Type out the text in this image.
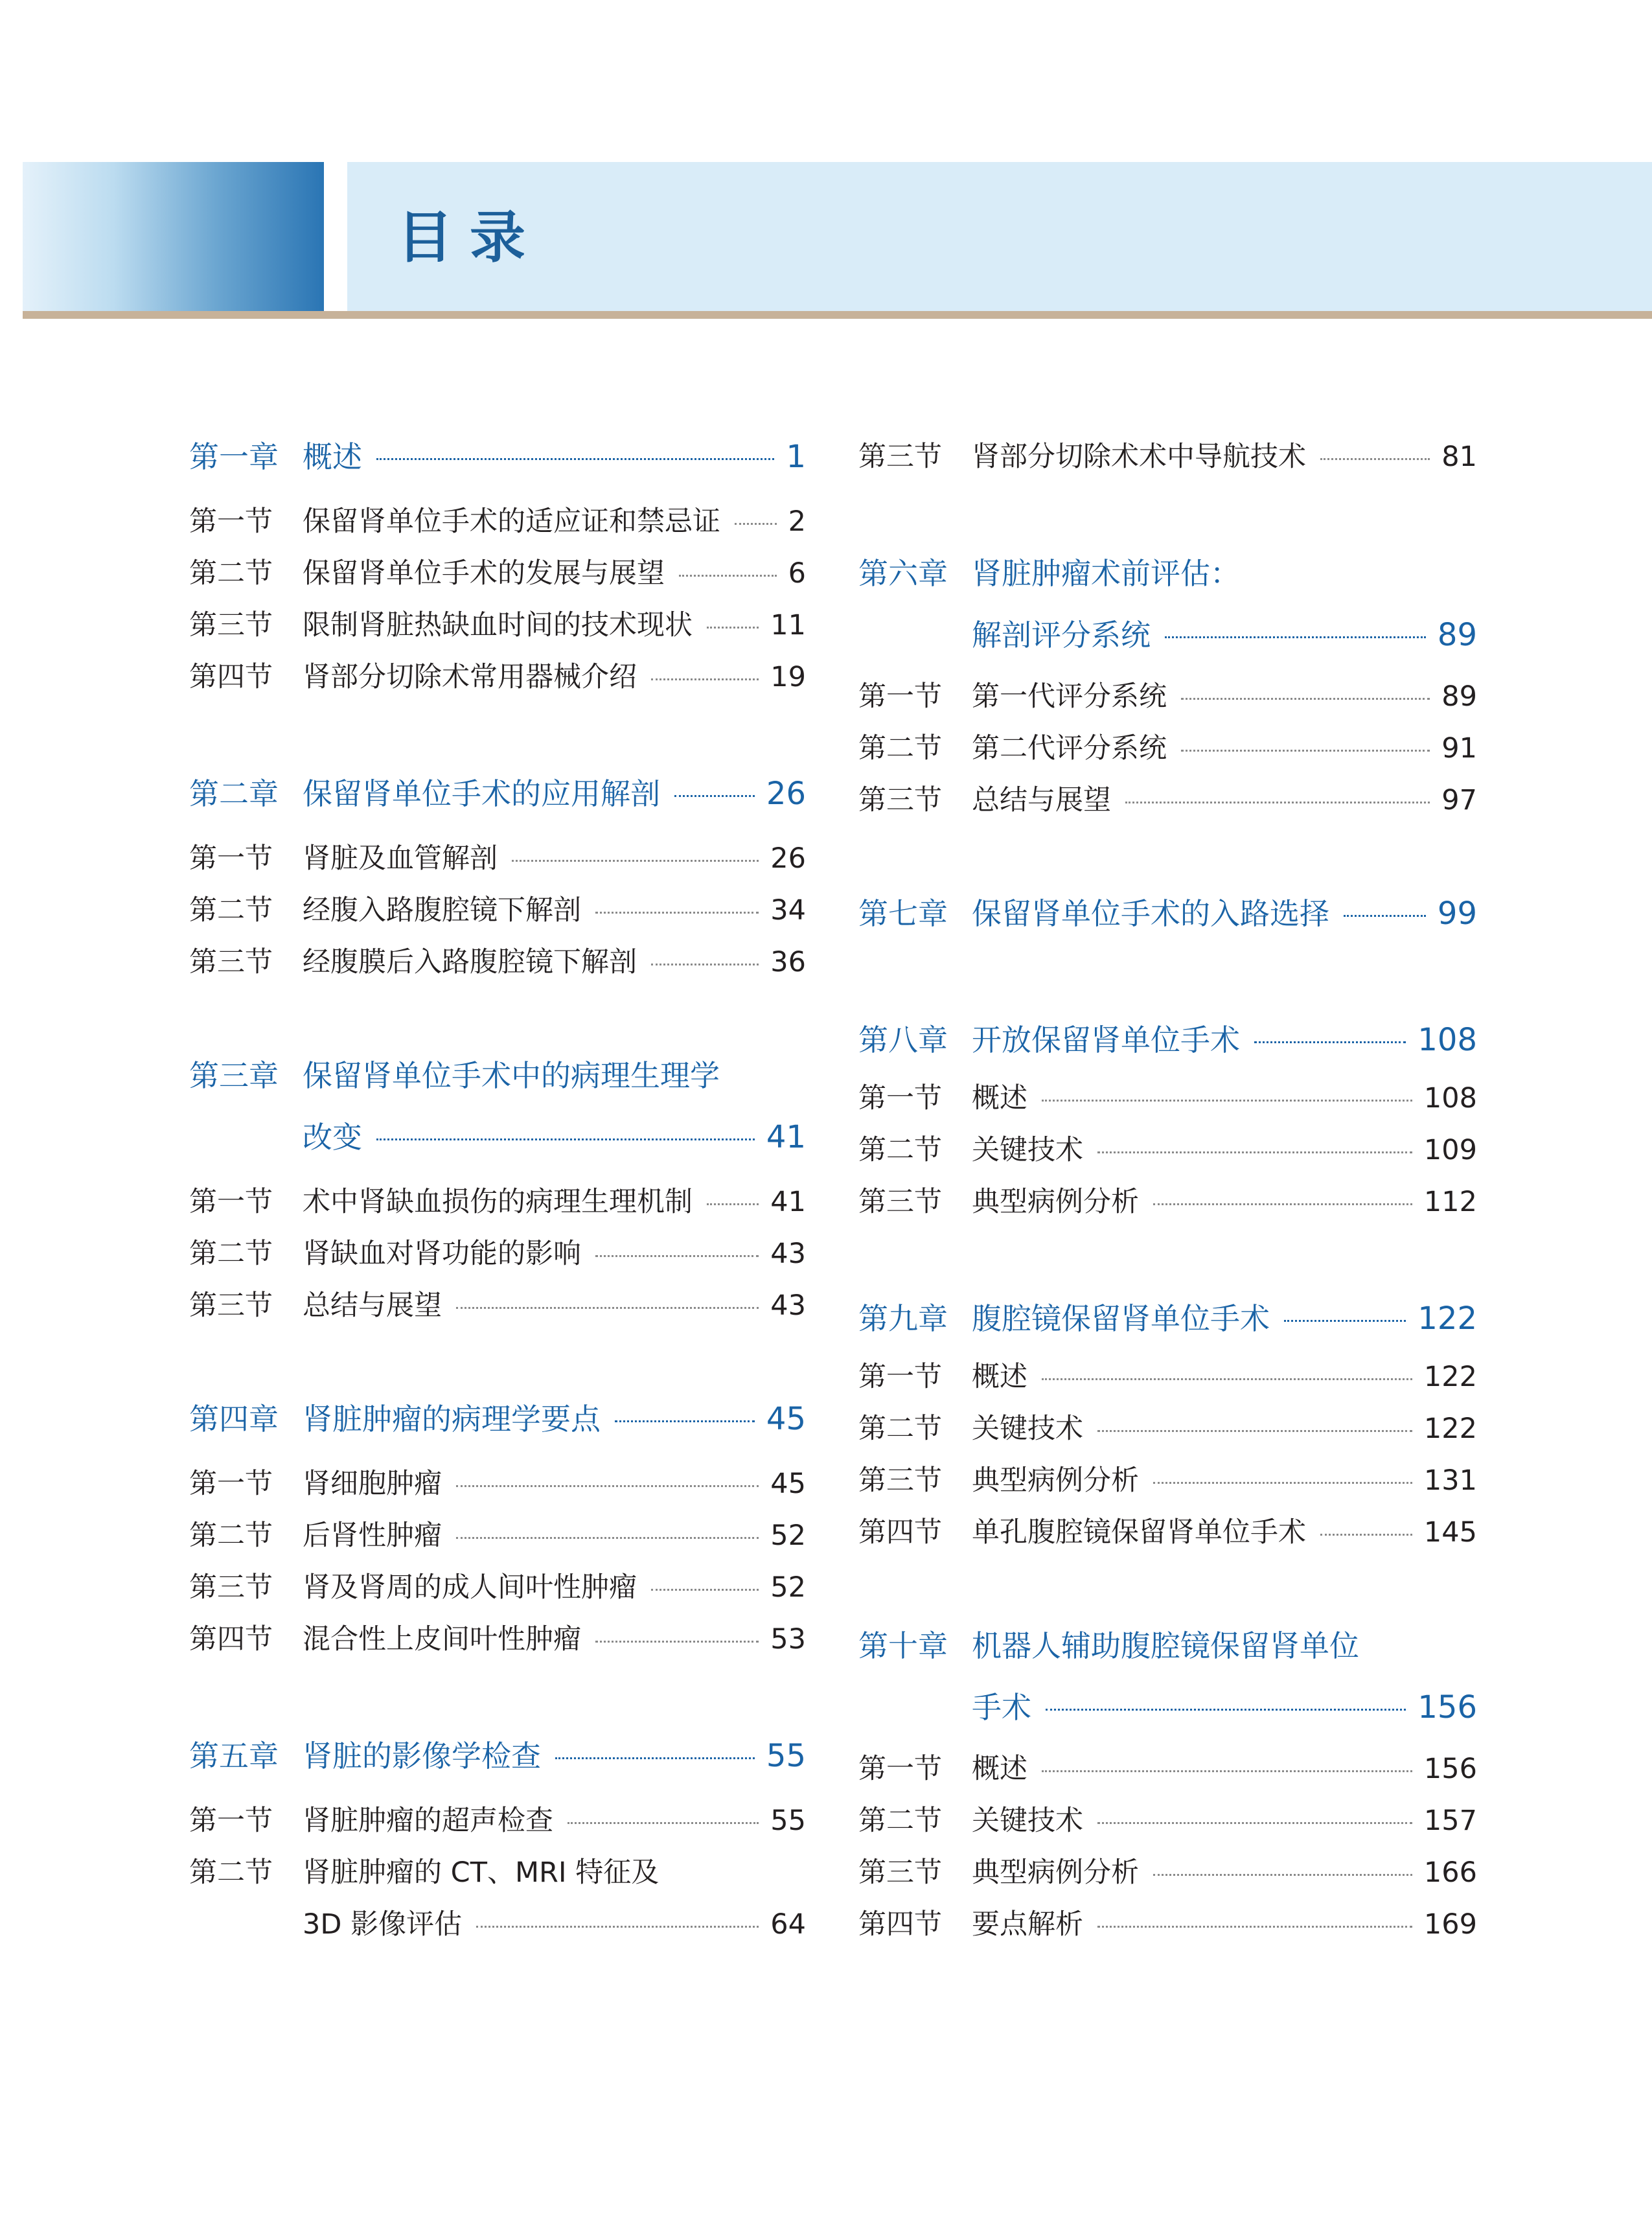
目录
第一章 概述	1
第一节	保留肾单位手术的适应证和禁忌证 2
第二节	保留肾单位手术的发展与展望	6
第三节	限制肾脏热缺血时间的技术现状	11
第四节	肾部分切除术常用器械介绍	19
第二章 保留肾单位手术的应用解剖	26
第一节	肾脏及血管解剖	26
第二节	经腹入路腹腔镜下解剖	34
第三节	经腹膜后入路腹腔镜下解剖	36
第三章 保留肾单位手术中的病理生理学
改变	41
第一节	术中肾缺血损伤的病理生理机制	41
第二节	肾缺血对肾功能的影响	43
第三节	总结与展望	43
第四章 肾脏肿瘤的病理学要点	45
第一节	肾细胞肿瘤	45
第二节	后肾性肿瘤	52
第三节	肾及肾周的成人间叶性肿瘤	52
第四节	混合性上皮间叶性肿瘤	53
第五章 肾脏的影像学检查	55
第一节	肾脏肿瘤的超声检查	55
第二节	肾脏肿瘤的 CT、MRI 特征及
3D 影像评估	64
第三节	肾部分切除术术中导航技术	81
第六章 肾脏肿瘤术前评估：
解剖评分系统	89
第一节	第一代评分系统	89
第二节	第二代评分系统	91
第三节	总结与展望	97
第七章 保留肾单位手术的入路选择	99
第八章 开放保留肾单位手术	108
第一节	概述	108
第二节	关键技术	109
第三节	典型病例分析	112
第九章 腹腔镜保留肾单位手术	122
第一节	概述	122
第二节	关键技术	122
第三节	典型病例分析	131
第四节	单孔腹腔镜保留肾单位手术	145
第十章 机器人辅助腹腔镜保留肾单位
手术	156
第一节	概述	156
第二节	关键技术	157
第三节	典型病例分析	166
第四节	要点解析	169
